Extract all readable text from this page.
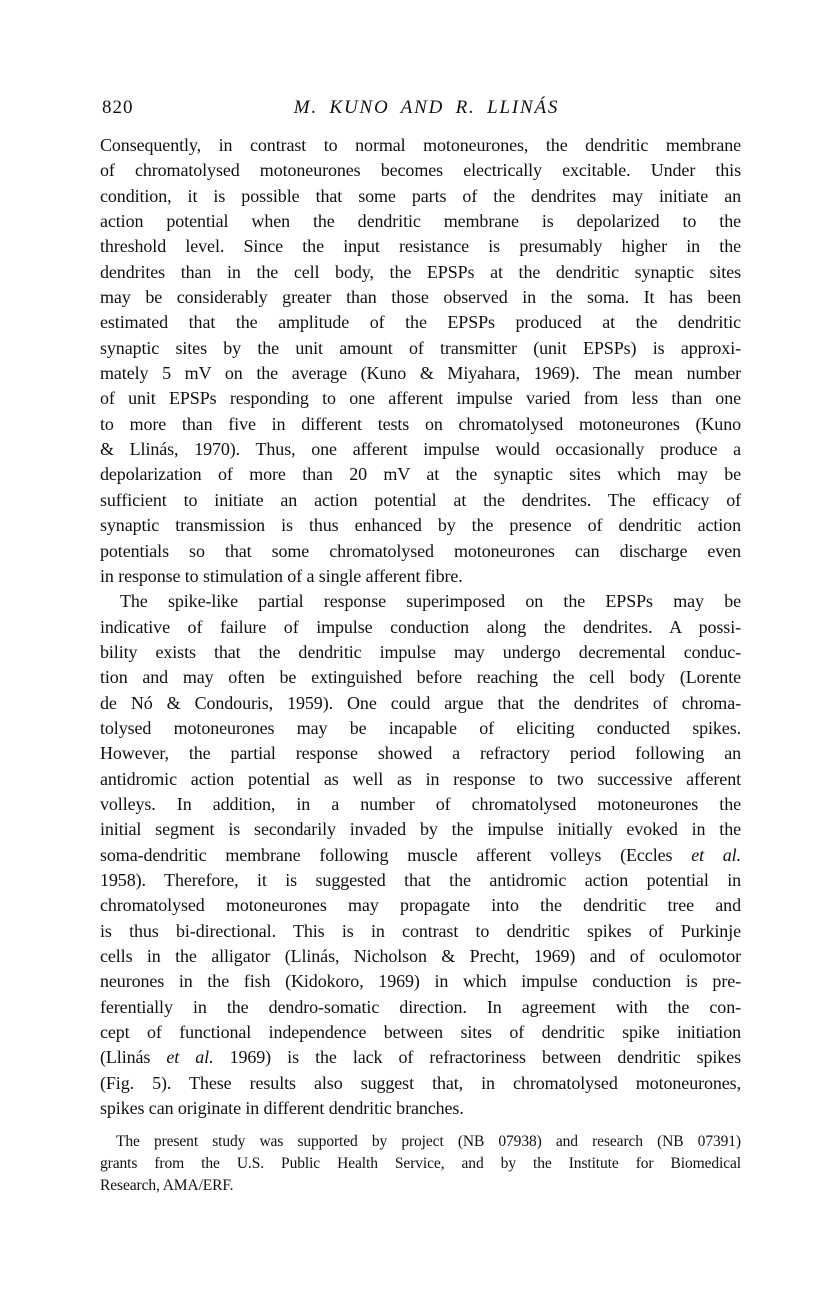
820	M. KUNO AND R. LLINÁS
Consequently, in contrast to normal motoneurones, the dendritic membrane
of chromatolysed motoneurones becomes electrically excitable. Under this
condition, it is possible that some parts of the dendrites may initiate an
action potential when the dendritic membrane is depolarized to the
threshold level. Since the input resistance is presumably higher in the
dendrites than in the cell body, the EPSPs at the dendritic synaptic sites
may be considerably greater than those observed in the soma. It has been
estimated that the amplitude of the EPSPs produced at the dendritic
synaptic sites by the unit amount of transmitter (unit EPSPs) is approxi-
mately 5 mV on the average (Kuno & Miyahara, 1969). The mean number
of unit EPSPs responding to one afferent impulse varied from less than one
to more than five in different tests on chromatolysed motoneurones (Kuno
& Llinás, 1970). Thus, one afferent impulse would occasionally produce a
depolarization of more than 20 mV at the synaptic sites which may be
sufficient to initiate an action potential at the dendrites. The efficacy of
synaptic transmission is thus enhanced by the presence of dendritic action
potentials so that some chromatolysed motoneurones can discharge even
in response to stimulation of a single afferent fibre.
The spike-like partial response superimposed on the EPSPs may be
indicative of failure of impulse conduction along the dendrites. A possi-
bility exists that the dendritic impulse may undergo decremental conduc-
tion and may often be extinguished before reaching the cell body (Lorente
de Nó & Condouris, 1959). One could argue that the dendrites of chroma-
tolysed motoneurones may be incapable of eliciting conducted spikes.
However, the partial response showed a refractory period following an
antidromic action potential as well as in response to two successive afferent
volleys. In addition, in a number of chromatolysed motoneurones the
initial segment is secondarily invaded by the impulse initially evoked in the
soma-dendritic membrane following muscle afferent volleys (Eccles et al.
1958). Therefore, it is suggested that the antidromic action potential in
chromatolysed motoneurones may propagate into the dendritic tree and
is thus bi-directional. This is in contrast to dendritic spikes of Purkinje
cells in the alligator (Llinás, Nicholson & Precht, 1969) and of oculomotor
neurones in the fish (Kidokoro, 1969) in which impulse conduction is pre-
ferentially in the dendro-somatic direction. In agreement with the con-
cept of functional independence between sites of dendritic spike initiation
(Llinás et al. 1969) is the lack of refractoriness between dendritic spikes
(Fig. 5). These results also suggest that, in chromatolysed motoneurones,
spikes can originate in different dendritic branches.
The present study was supported by project (NB 07938) and research (NB 07391)
grants from the U.S. Public Health Service, and by the Institute for Biomedical
Research, AMA/ERF.
